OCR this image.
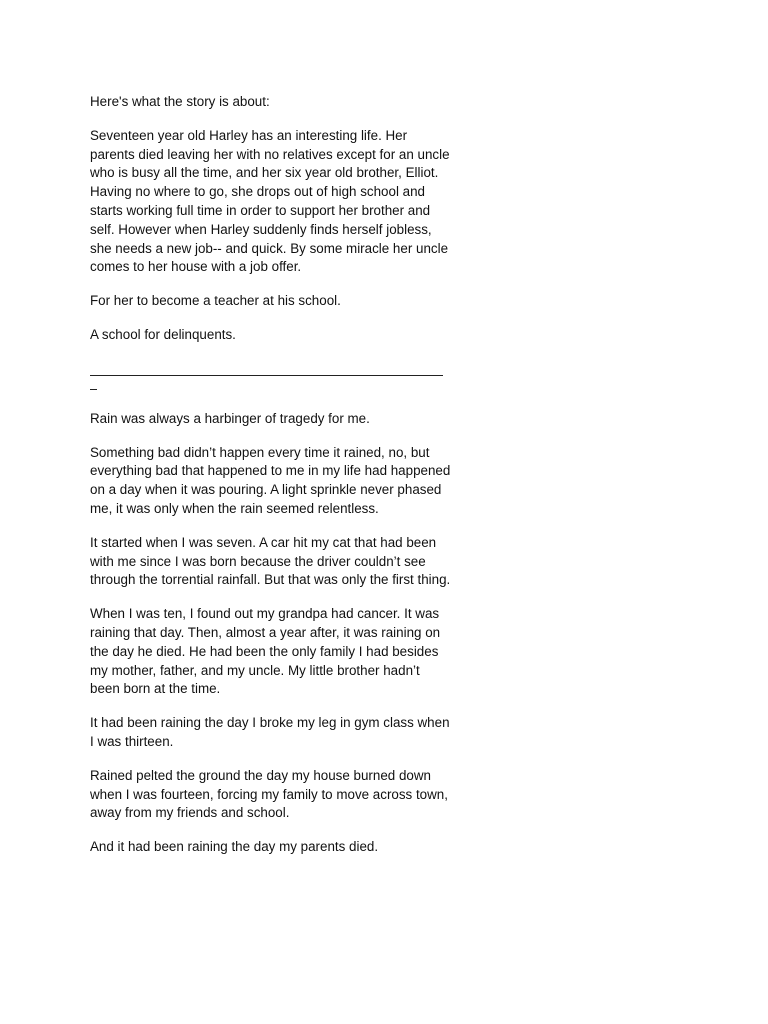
Here's what the story is about:

Seventeen year old Harley has an interesting life. Her parents died leaving her with no relatives except for an uncle who is busy all the time, and her six year old brother, Elliot. Having no where to go, she drops out of high school and starts working full time in order to support her brother and self. However when Harley suddenly finds herself jobless, she needs a new job-- and quick. By some miracle her uncle comes to her house with a job offer.

For her to become a teacher at his school.

A school for delinquents.

Rain was always a harbinger of tragedy for me.

Something bad didn’t happen every time it rained, no, but everything bad that happened to me in my life had happened on a day when it was pouring. A light sprinkle never phased me, it was only when the rain seemed relentless.

It started when I was seven. A car hit my cat that had been with me since I was born because the driver couldn’t see through the torrential rainfall. But that was only the first thing.

When I was ten, I found out my grandpa had cancer. It was raining that day. Then, almost a year after, it was raining on the day he died. He had been the only family I had besides my mother, father, and my uncle. My little brother hadn’t been born at the time.

It had been raining the day I broke my leg in gym class when I was thirteen.

Rained pelted the ground the day my house burned down when I was fourteen, forcing my family to move across town, away from my friends and school.

And it had been raining the day my parents died.
